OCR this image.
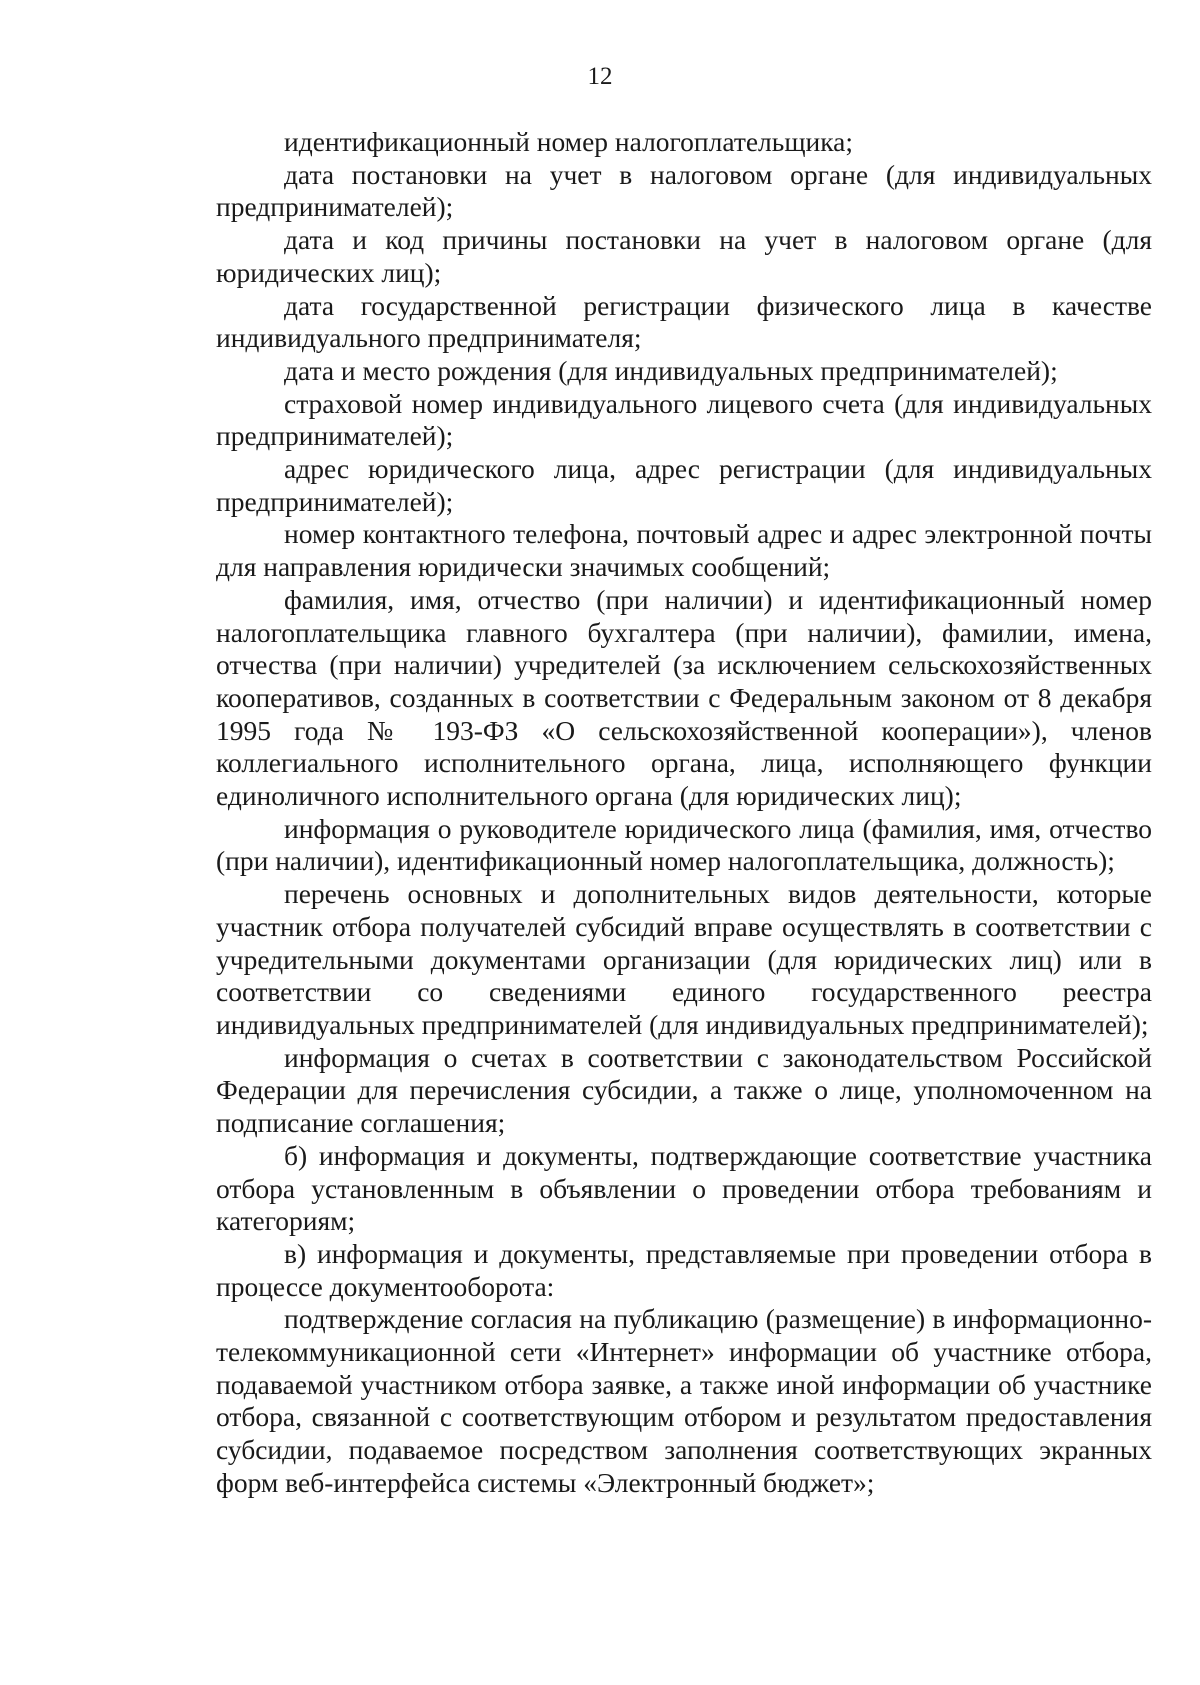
12

идентификационный номер налогоплательщика;

дата постановки на учет в налоговом органе (для индивидуальных предпринимателей);

дата и код причины постановки на учет в налоговом органе (для юридических лиц);

дата государственной регистрации физического лица в качестве индивидуального предпринимателя;

дата и место рождения (для индивидуальных предпринимателей);

страховой номер индивидуального лицевого счета (для индивидуальных предпринимателей);

адрес юридического лица, адрес регистрации (для индивидуальных предпринимателей);

номер контактного телефона, почтовый адрес и адрес электронной почты для направления юридически значимых сообщений;

фамилия, имя, отчество (при наличии) и идентификационный номер налогоплательщика главного бухгалтера (при наличии), фамилии, имена, отчества (при наличии) учредителей (за исключением сельскохозяйственных кооперативов, созданных в соответствии с Федеральным законом от 8 декабря 1995 года № 193-ФЗ «О сельскохозяйственной кооперации»), членов коллегиального исполнительного органа, лица, исполняющего функции единоличного исполнительного органа (для юридических лиц);

информация о руководителе юридического лица (фамилия, имя, отчество (при наличии), идентификационный номер налогоплательщика, должность);

перечень основных и дополнительных видов деятельности, которые участник отбора получателей субсидий вправе осуществлять в соответствии с учредительными документами организации (для юридических лиц) или в соответствии со сведениями единого государственного реестра индивидуальных предпринимателей (для индивидуальных предпринимателей);

информация о счетах в соответствии с законодательством Российской Федерации для перечисления субсидии, а также о лице, уполномоченном на подписание соглашения;

б) информация и документы, подтверждающие соответствие участника отбора установленным в объявлении о проведении отбора требованиям и категориям;

в) информация и документы, представляемые при проведении отбора в процессе документооборота:

подтверждение согласия на публикацию (размещение) в информационно-телекоммуникационной сети «Интернет» информации об участнике отбора, подаваемой участником отбора заявке, а также иной информации об участнике отбора, связанной с соответствующим отбором и результатом предоставления субсидии, подаваемое посредством заполнения соответствующих экранных форм веб-интерфейса системы «Электронный бюджет»;
